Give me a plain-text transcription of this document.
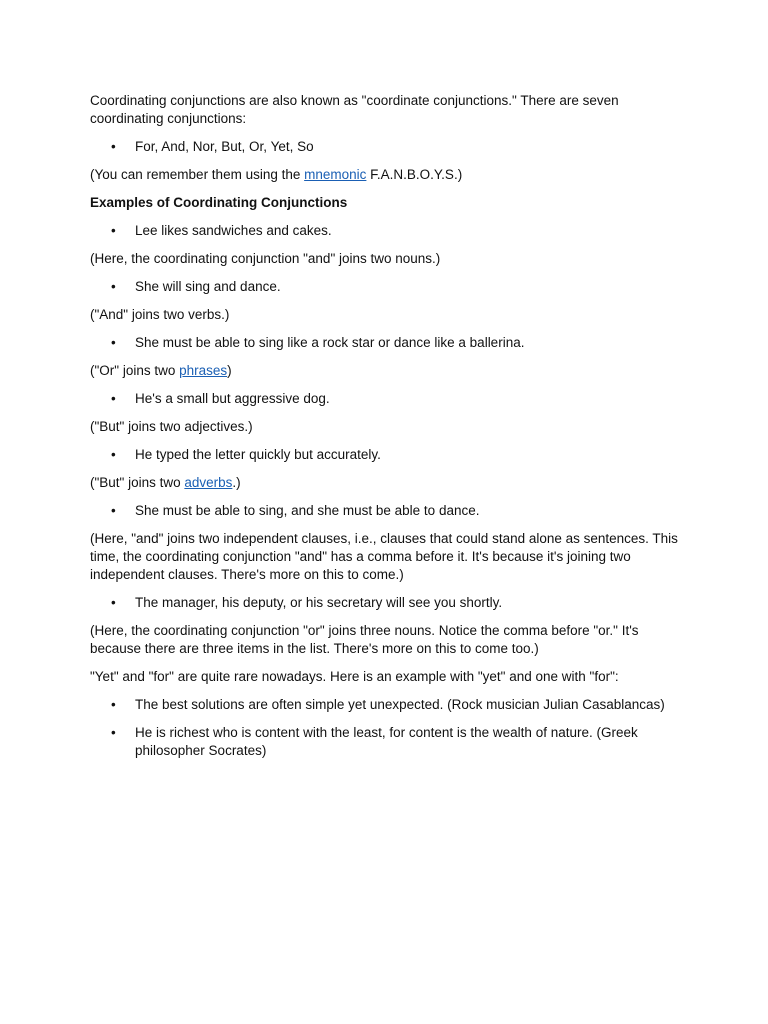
Coordinating conjunctions are also known as "coordinate conjunctions." There are seven coordinating conjunctions:

• For, And, Nor, But, Or, Yet, So

(You can remember them using the mnemonic F.A.N.B.O.Y.S.)

Examples of Coordinating Conjunctions
• Lee likes sandwiches and cakes.

(Here, the coordinating conjunction "and" joins two nouns.)

• She will sing and dance.

("And" joins two verbs.)

• She must be able to sing like a rock star or dance like a ballerina.

("Or" joins two phrases)

• He's a small but aggressive dog.

("But" joins two adjectives.)

• He typed the letter quickly but accurately.

("But" joins two adverbs.)

• She must be able to sing, and she must be able to dance.

(Here, "and" joins two independent clauses, i.e., clauses that could stand alone as sentences. This time, the coordinating conjunction "and" has a comma before it. It's because it's joining two independent clauses. There's more on this to come.)

• The manager, his deputy, or his secretary will see you shortly.

(Here, the coordinating conjunction "or" joins three nouns. Notice the comma before "or." It's because there are three items in the list. There's more on this to come too.)

"Yet" and "for" are quite rare nowadays. Here is an example with "yet" and one with "for":

• The best solutions are often simple yet unexpected. (Rock musician Julian Casablancas)
• He is richest who is content with the least, for content is the wealth of nature. (Greek philosopher Socrates)
